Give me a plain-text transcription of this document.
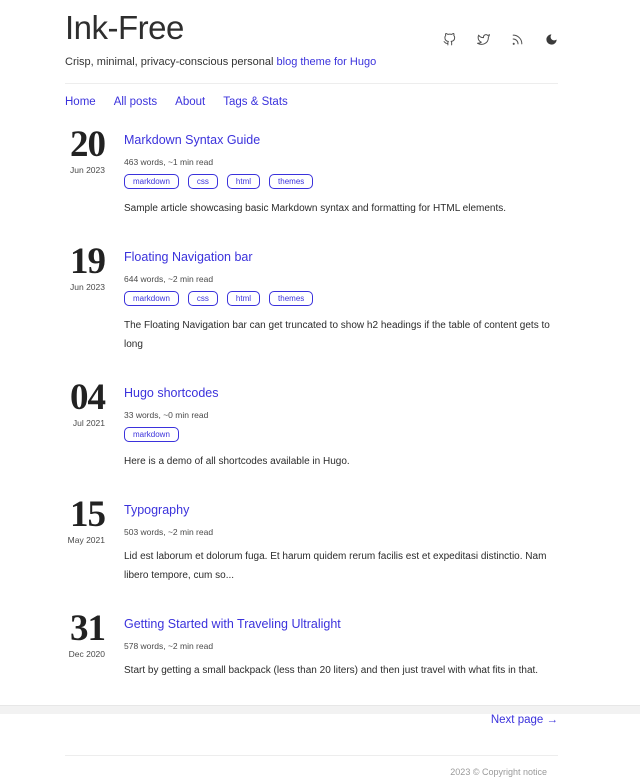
Ink-Free

Crisp, minimal, privacy-conscious personal blog theme for Hugo

Home All posts About Tags & Stats
20
Jun 2023
Markdown Syntax Guide
463 words, ~1 min read
markdown	css	html	themes

Sample article showcasing basic Markdown syntax and formatting for HTML elements.

19
Jun 2023
Floating Navigation bar
644 words, ~2 min read
markdown	css	html	themes

The Floating Navigation bar can get truncated to show h2 headings if the table of content gets to long

04
Jul 2021
Hugo shortcodes
33 words, ~0 min read
markdown

Here is a demo of all shortcodes available in Hugo.

15
May 2021
Typography
503 words, ~2 min read

Lid est laborum et dolorum fuga. Et harum quidem rerum facilis est et expeditasi distinctio. Nam libero tempore, cum so...

31
Dec 2020
Getting Started with Traveling Ultralight
578 words, ~2 min read

Start by getting a small backpack (less than 20 liters) and then just travel with what fits in that.

Next page →

2023 © Copyright notice
